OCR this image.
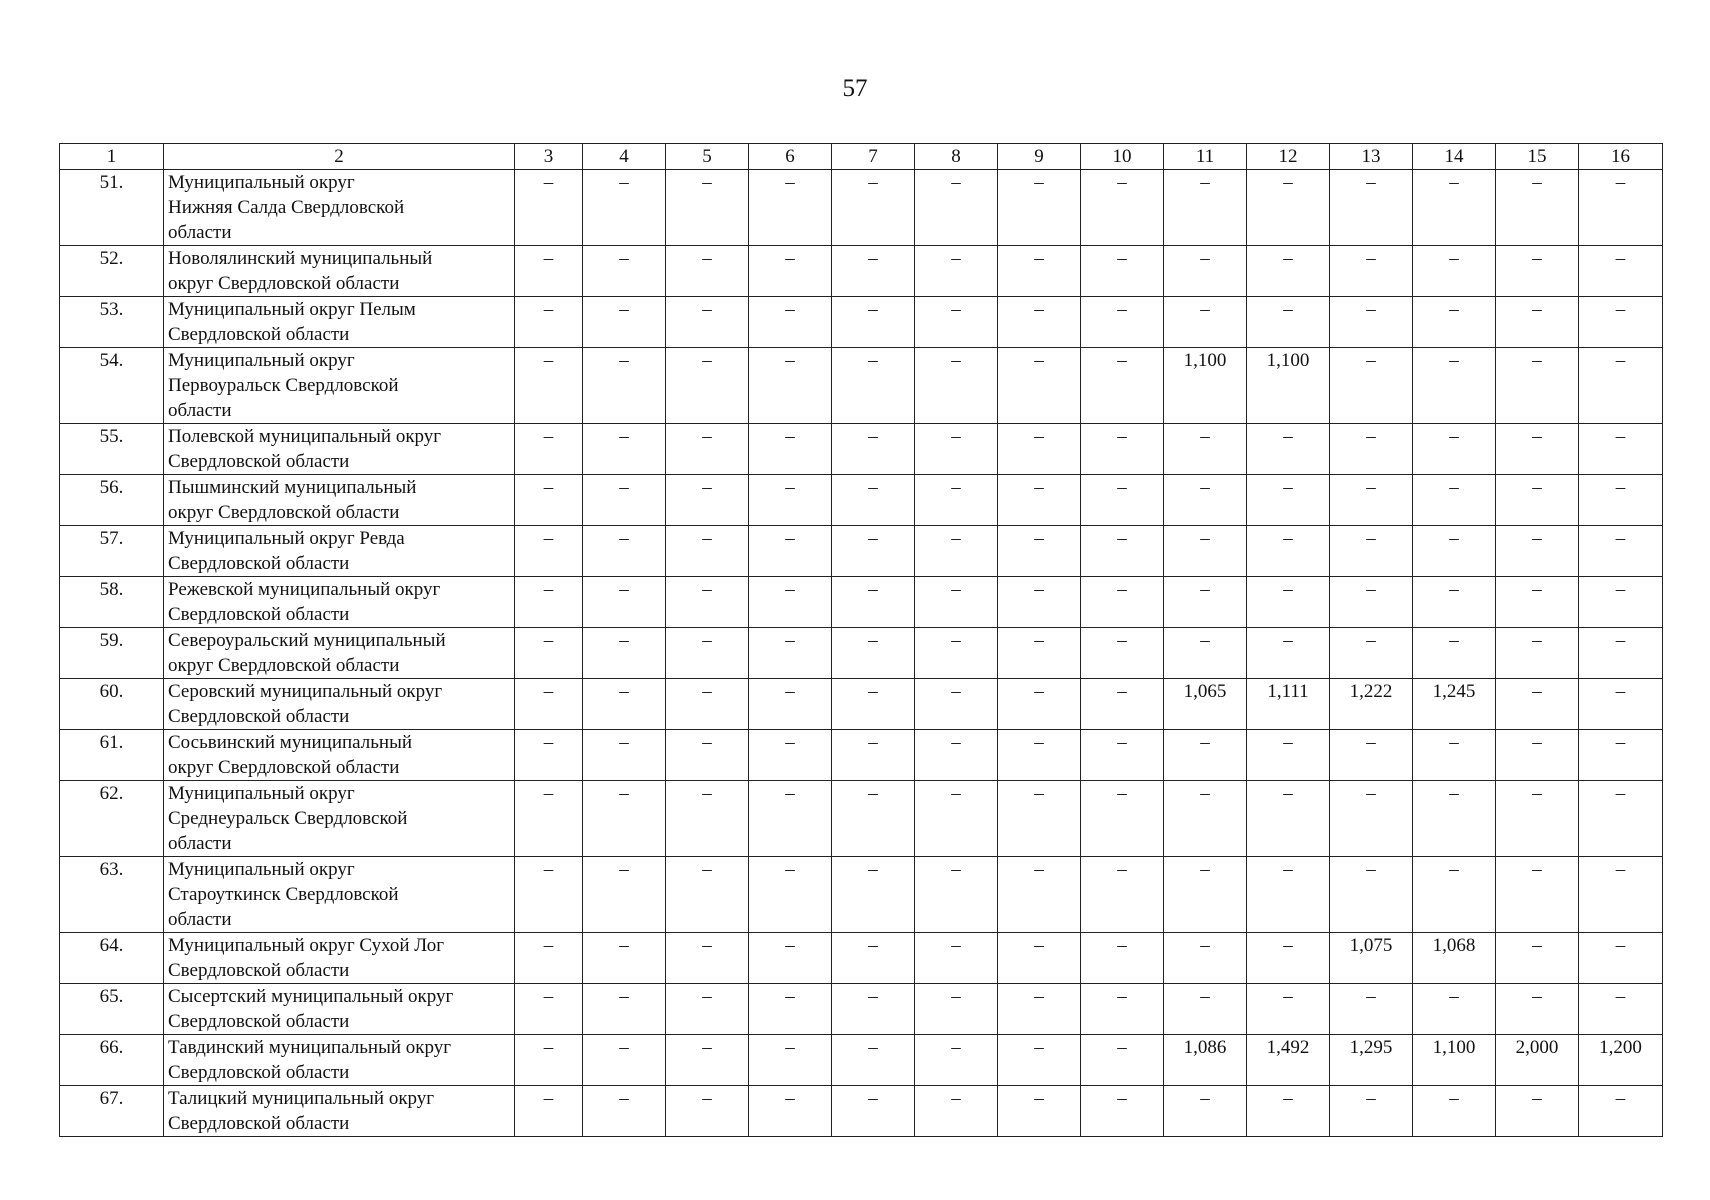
57
1	2	3	4	5	6	7	8	9	10	11	12	13	14	15	16
51.	Муниципальный округ
Нижняя Салда Свердловской
области	–	–	–	–	–	–	–	–	–	–	–	–	–	–
52.	Новолялинский муниципальный
округ Свердловской области	–	–	–	–	–	–	–	–	–	–	–	–	–	–
53.	Муниципальный округ Пелым
Свердловской области	–	–	–	–	–	–	–	–	–	–	–	–	–	–
54.	Муниципальный округ
Первоуральск Свердловской
области	–	–	–	–	–	–	–	–	1,100	1,100	–	–	–	–
55.	Полевской муниципальный округ
Свердловской области	–	–	–	–	–	–	–	–	–	–	–	–	–	–
56.	Пышминский муниципальный
округ Свердловской области	–	–	–	–	–	–	–	–	–	–	–	–	–	–
57.	Муниципальный округ Ревда
Свердловской области	–	–	–	–	–	–	–	–	–	–	–	–	–	–
58.	Режевской муниципальный округ
Свердловской области	–	–	–	–	–	–	–	–	–	–	–	–	–	–
59.	Североуральский муниципальный
округ Свердловской области	–	–	–	–	–	–	–	–	–	–	–	–	–	–
60.	Серовский муниципальный округ
Свердловской области	–	–	–	–	–	–	–	–	1,065	1,111	1,222	1,245	–	–
61.	Сосьвинский муниципальный
округ Свердловской области	–	–	–	–	–	–	–	–	–	–	–	–	–	–
62.	Муниципальный округ
Среднеуральск Свердловской
области	–	–	–	–	–	–	–	–	–	–	–	–	–	–
63.	Муниципальный округ
Староуткинск Свердловской
области	–	–	–	–	–	–	–	–	–	–	–	–	–	–
64.	Муниципальный округ Сухой Лог
Свердловской области	–	–	–	–	–	–	–	–	–	–	1,075	1,068	–	–
65.	Сысертский муниципальный округ
Свердловской области	–	–	–	–	–	–	–	–	–	–	–	–	–	–
66.	Тавдинский муниципальный округ
Свердловской области	–	–	–	–	–	–	–	–	1,086	1,492	1,295	1,100	2,000	1,200
67.	Талицкий муниципальный округ
Свердловской области	–	–	–	–	–	–	–	–	–	–	–	–	–	–
